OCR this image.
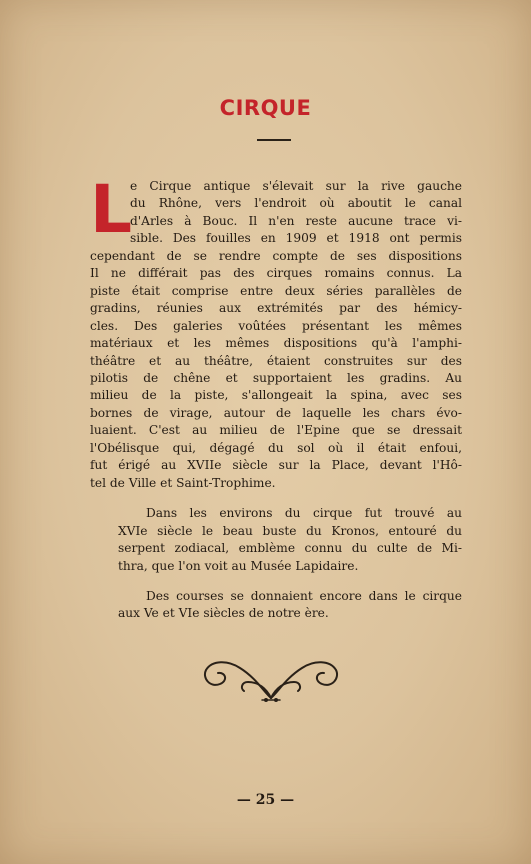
CIRQUE
L
e Cirque antique s'élevait sur la rive gauche
du Rhône, vers l'endroit où aboutit le canal
d'Arles à Bouc. Il n'en reste aucune trace vi-
sible. Des fouilles en 1909 et 1918 ont permis
cependant de se rendre compte de ses dispositions
Il ne différait pas des cirques romains connus. La
piste était comprise entre deux séries parallèles de
gradins, réunies aux extrémités par des hémicy-
cles. Des galeries voûtées présentant les mêmes
matériaux et les mêmes dispositions qu'à l'amphi-
théâtre et au théâtre, étaient construites sur des
pilotis de chêne et supportaient les gradins. Au
milieu de la piste, s'allongeait la spina, avec ses
bornes de virage, autour de laquelle les chars évo-
luaient. C'est au milieu de l'Epine que se dressait
l'Obélisque qui, dégagé du sol où il était enfoui,
fut érigé au XVIIe siècle sur la Place, devant l'Hô-
tel de Ville et Saint-Trophime.
Dans les environs du cirque fut trouvé au
XVIe siècle le beau buste du Kronos, entouré du
serpent zodiacal, emblème connu du culte de Mi-
thra, que l'on voit au Musée Lapidaire.
Des courses se donnaient encore dans le cirque
aux Ve et VIe siècles de notre ère.
— 25 —
